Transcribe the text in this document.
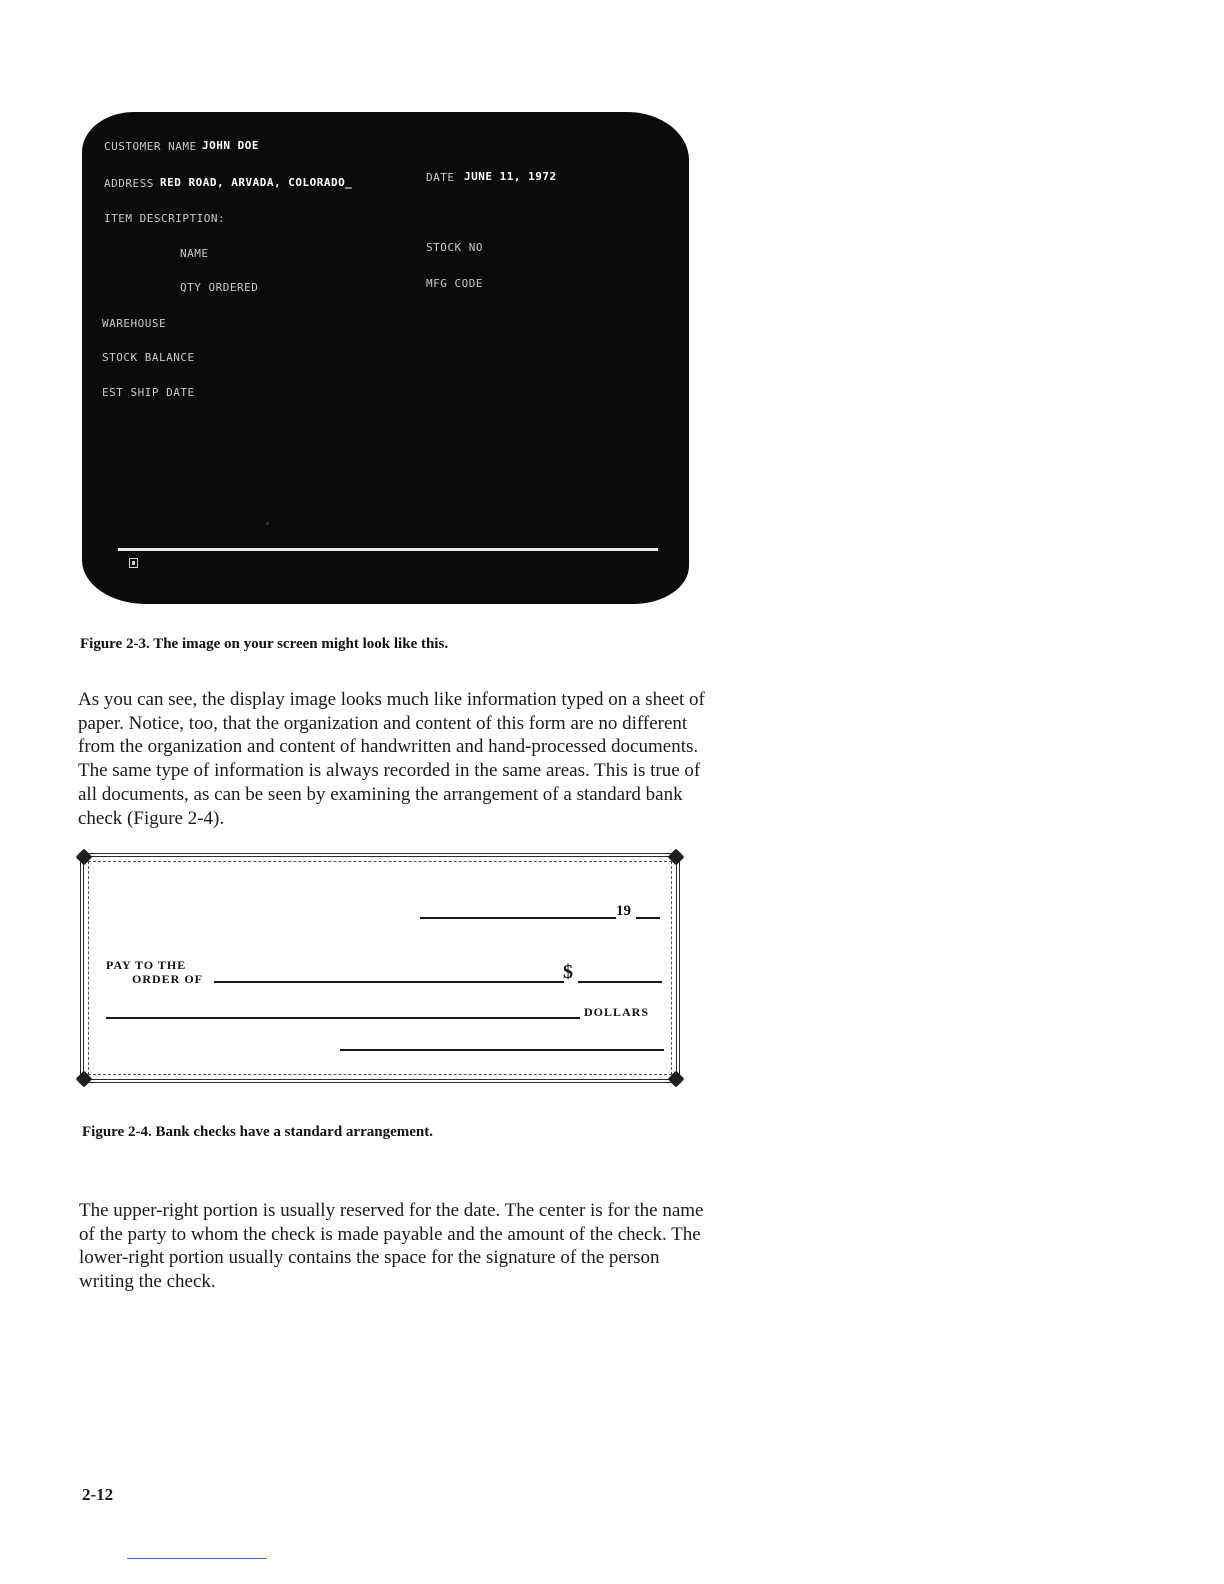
CUSTOMER NAME JOHN DOE

ADDRESS RED ROAD, ARVADA, COLORADO_	DATE JUNE 11, 1972

ITEM DESCRIPTION:

NAME	STOCK NO

QTY ORDERED	MFG CODE

WAREHOUSE

STOCK BALANCE

EST SHIP DATE

Figure 2-3. The image on your screen might look like this.

As you can see, the display image looks much like information typed on a sheet of paper. Notice, too, that the organization and content of this form are no different from the organization and content of handwritten and hand-processed documents. The same type of information is always recorded in the same areas. This is true of all documents, as can be seen by examining the arrangement of a standard bank check (Figure 2-4).

19

PAY TO THE

ORDER OF	$

DOLLARS

Figure 2-4. Bank checks have a standard arrangement.

The upper-right portion is usually reserved for the date. The center is for the name of the party to whom the check is made payable and the amount of the check. The lower-right portion usually contains the space for the signature of the person writing the check.

2-12
